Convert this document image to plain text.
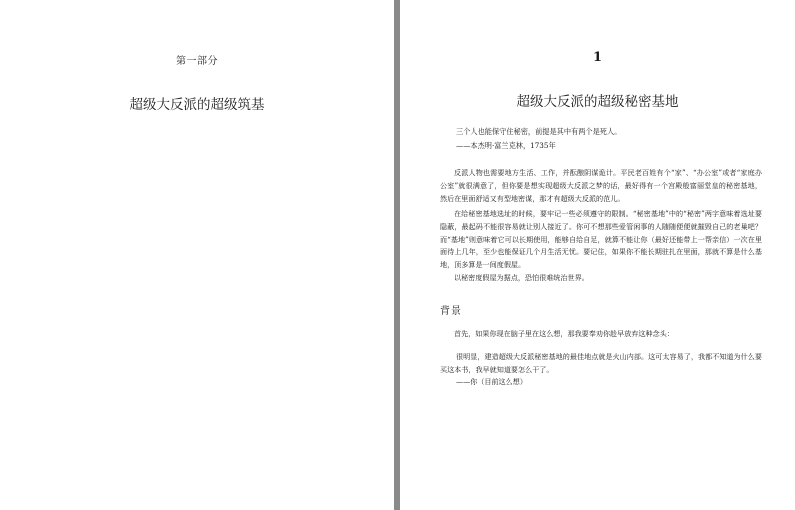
第一部分
超级大反派的超级筑基
1
超级大反派的超级秘密基地
三个人也能保守住秘密，前提是其中有两个是死人。
——本杰明·富兰克林，1735年

反派人物也需要地方生活、工作，并酝酿阴谋诡计。平民老百姓有个“家”、“办公室”或者“家庭办公室”就很满意了，但你要是想实现超级大反派之梦的话，最好得有一个宫殿般富丽堂皇的秘密基地，然后在里面舒适又有型地密谋，那才有超级大反派的范儿。

在给秘密基地选址的时候，要牢记一些必须遵守的限制。“秘密基地”中的“秘密”两字意味着选址要隐蔽，最起码不能很容易就让别人接近了。你可不想那些爱管闲事的人随随便便就摧毁自己的老巢吧？而“基地”则意味着它可以长期使用，能够自给自足，就算不能让你（最好还能带上一帮亲信）一次在里面待上几年，至少也能保证几个月生活无忧。要记住，如果你不能长期驻扎在里面，那就不算是什么基地，顶多算是一间度假屋。

以秘密度假屋为据点，恐怕很难统治世界。

背景

首先，如果你现在脑子里在这么想，那我要奉劝你趁早放弃这种念头：

很明显，建造超级大反派秘密基地的最佳地点就是火山内部。这可太容易了，我都不知道为什么要买这本书，我早就知道要怎么干了。

——你（目前这么想）
